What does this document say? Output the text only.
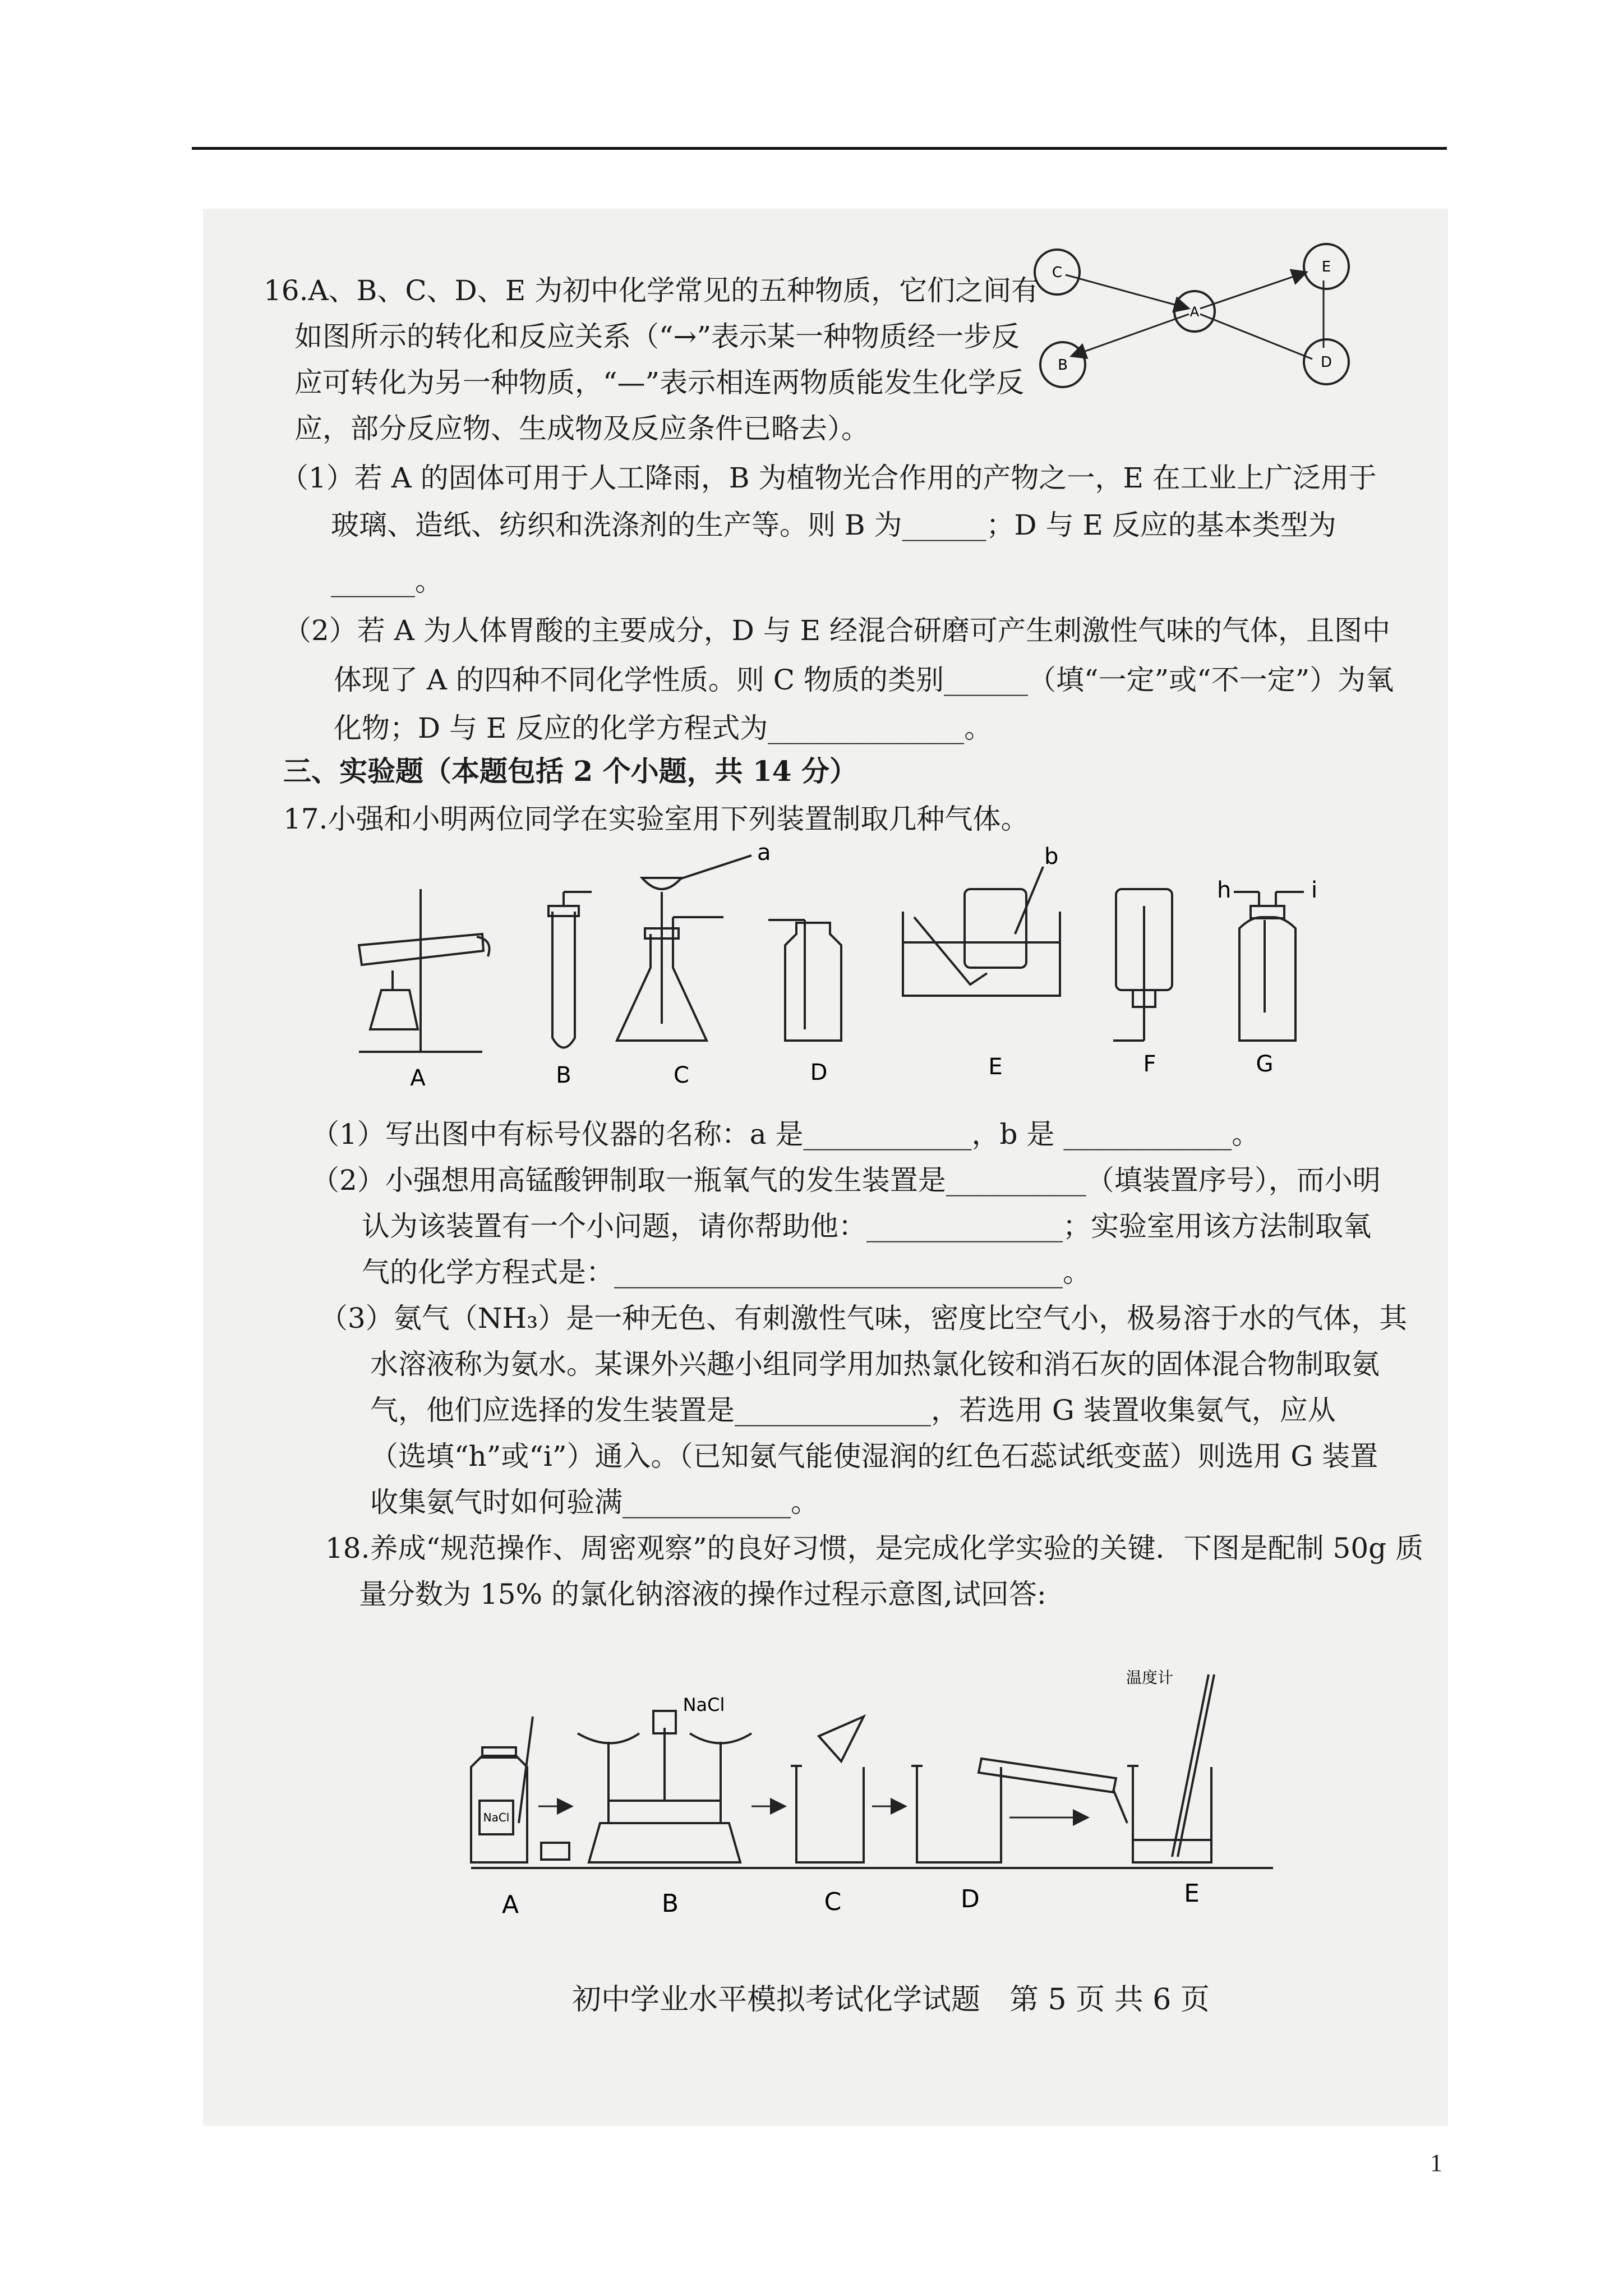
16.A、B、C、D、E 为初中化学常见的五种物质，它们之间有
如图所示的转化和反应关系（“→”表示某一种物质经一步反
应可转化为另一种物质，“—”表示相连两物质能发生化学反
应，部分反应物、生成物及反应条件已略去）。
C	E
A
B	D
（1）若 A 的固体可用于人工降雨，B 为植物光合作用的产物之一，E 在工业上广泛用于
玻璃、造纸、纺织和洗涤剂的生产等。则 B 为______；D 与 E 反应的基本类型为
______。
（2）若 A 为人体胃酸的主要成分，D 与 E 经混合研磨可产生刺激性气味的气体，且图中
体现了 A 的四种不同化学性质。则 C 物质的类别______（填“一定”或“不一定”）为氧
化物；D 与 E 反应的化学方程式为______________。
三、实验题（本题包括 2 个小题，共 14 分）
17.小强和小明两位同学在实验室用下列装置制取几种气体。
a	b
h	i
A	B	C	D	E	F	G
（1）写出图中有标号仪器的名称：a 是____________，b 是 ____________。
（2）小强想用高锰酸钾制取一瓶氧气的发生装置是__________（填装置序号），而小明
认为该装置有一个小问题，请你帮助他：______________；实验室用该方法制取氧
气的化学方程式是：________________________________。
（3）氨气（NH₃）是一种无色、有刺激性气味，密度比空气小，极易溶于水的气体，其
水溶液称为氨水。某课外兴趣小组同学用加热氯化铵和消石灰的固体混合物制取氨
气，他们应选择的发生装置是______________，若选用 G 装置收集氨气，应从
（选填“h”或“i”）通入。（已知氨气能使湿润的红色石蕊试纸变蓝）则选用 G 装置
收集氨气时如何验满____________。
18.养成“规范操作、周密观察”的良好习惯，是完成化学实验的关键．下图是配制 50g 质
量分数为 15% 的氯化钠溶液的操作过程示意图,试回答:
NaCl
NaCl
温度计
A	B	C	D	E
初中学业水平模拟考试化学试题　第 5 页 共 6 页
1
